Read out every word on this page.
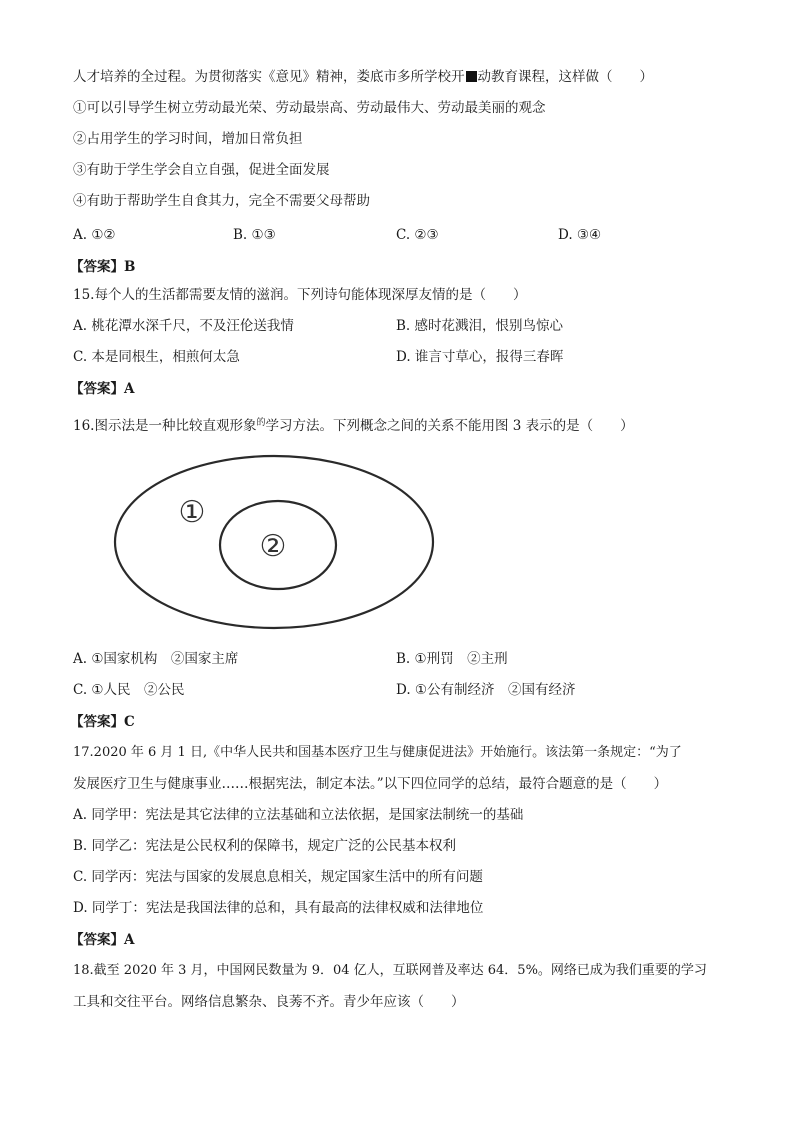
人才培养的全过程。为贯彻落实《意见》精神，娄底市多所学校开 动教育课程，这样做（　　）
①可以引导学生树立劳动最光荣、劳动最崇高、劳动最伟大、劳动最美丽的观念
②占用学生的学习时间，增加日常负担
③有助于学生学会自立自强，促进全面发展
④有助于帮助学生自食其力，完全不需要父母帮助
A. ①②	B. ①③	C. ②③	D. ③④
【答案】B
15.每个人的生活都需要友情的滋润。下列诗句能体现深厚友情的是（　　）
A. 桃花潭水深千尺，不及汪伦送我情	B. 感时花溅泪，恨别鸟惊心
C. 本是同根生，相煎何太急	D. 谁言寸草心，报得三春晖
【答案】A
16.图示法是一种比较直观形象$^的$学习方法。下列概念之间的关系不能用图 3 表示的是（　　）
①
②
A. ①国家机构　②国家主席	B. ①刑罚　②主刑
C. ①人民　②公民	D. ①公有制经济　②国有经济
【答案】C
17.2020 年 6 月 1 日,《中华人民共和国基本医疗卫生与健康促进法》开始施行。该法第一条规定：“为了
发展医疗卫生与健康事业……根据宪法，制定本法。”以下四位同学的总结，最符合题意的是（　　）
A. 同学甲：宪法是其它法律的立法基础和立法依据，是国家法制统一的基础
B. 同学乙：宪法是公民权利的保障书，规定广泛的公民基本权利
C. 同学丙：宪法与国家的发展息息相关，规定国家生活中的所有问题
D. 同学丁：宪法是我国法律的总和，具有最高的法律权威和法律地位
【答案】A
18.截至 2020 年 3 月，中国网民数量为 9．04 亿人，互联网普及率达 64．5%。网络已成为我们重要的学习
工具和交往平台。网络信息繁杂、良莠不齐。青少年应该（　　）
